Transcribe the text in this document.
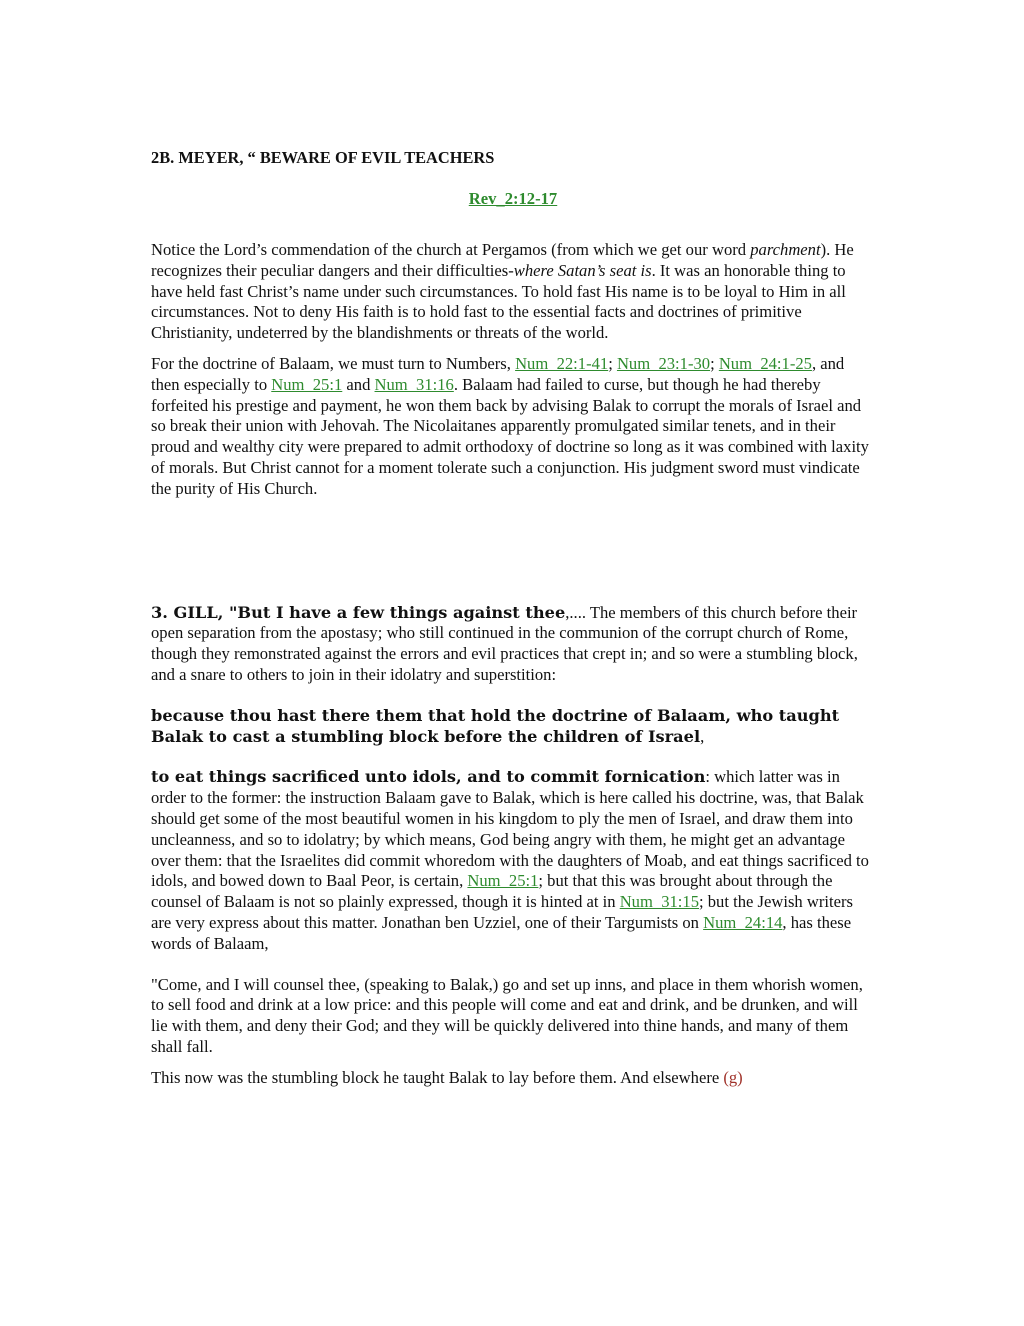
2B. MEYER, “ BEWARE OF EVIL TEACHERS
Rev_2:12-17

Notice the Lord’s commendation of the church at Pergamos (from which we get our word parchment). He recognizes their peculiar dangers and their difficulties-where Satan’s seat is. It was an honorable thing to have held fast Christ’s name under such circumstances. To hold fast His name is to be loyal to Him in all circumstances. Not to deny His faith is to hold fast to the essential facts and doctrines of primitive Christianity, undeterred by the blandishments or threats of the world.

For the doctrine of Balaam, we must turn to Numbers, Num_22:1-41; Num_23:1-30; Num_24:1-25, and then especially to Num_25:1 and Num_31:16. Balaam had failed to curse, but though he had thereby forfeited his prestige and payment, he won them back by advising Balak to corrupt the morals of Israel and so break their union with Jehovah. The Nicolaitanes apparently promulgated similar tenets, and in their proud and wealthy city were prepared to admit orthodoxy of doctrine so long as it was combined with laxity of morals. But Christ cannot for a moment tolerate such a conjunction. His judgment sword must vindicate the purity of His Church.

3. GILL, "But I have a few things against thee,.... The members of this church before their open separation from the apostasy; who still continued in the communion of the corrupt church of Rome, though they remonstrated against the errors and evil practices that crept in; and so were a stumbling block, and a snare to others to join in their idolatry and superstition:

because thou hast there them that hold the doctrine of Balaam, who taught Balak to cast a stumbling block before the children of Israel,

to eat things sacrificed unto idols, and to commit fornication: which latter was in order to the former: the instruction Balaam gave to Balak, which is here called his doctrine, was, that Balak should get some of the most beautiful women in his kingdom to ply the men of Israel, and draw them into uncleanness, and so to idolatry; by which means, God being angry with them, he might get an advantage over them: that the Israelites did commit whoredom with the daughters of Moab, and eat things sacrificed to idols, and bowed down to Baal Peor, is certain, Num_25:1; but that this was brought about through the counsel of Balaam is not so plainly expressed, though it is hinted at in Num_31:15; but the Jewish writers are very express about this matter. Jonathan ben Uzziel, one of their Targumists on Num_24:14, has these words of Balaam,

"Come, and I will counsel thee, (speaking to Balak,) go and set up inns, and place in them whorish women, to sell food and drink at a low price: and this people will come and eat and drink, and be drunken, and will lie with them, and deny their God; and they will be quickly delivered into thine hands, and many of them shall fall.

This now was the stumbling block he taught Balak to lay before them. And elsewhere (g)
